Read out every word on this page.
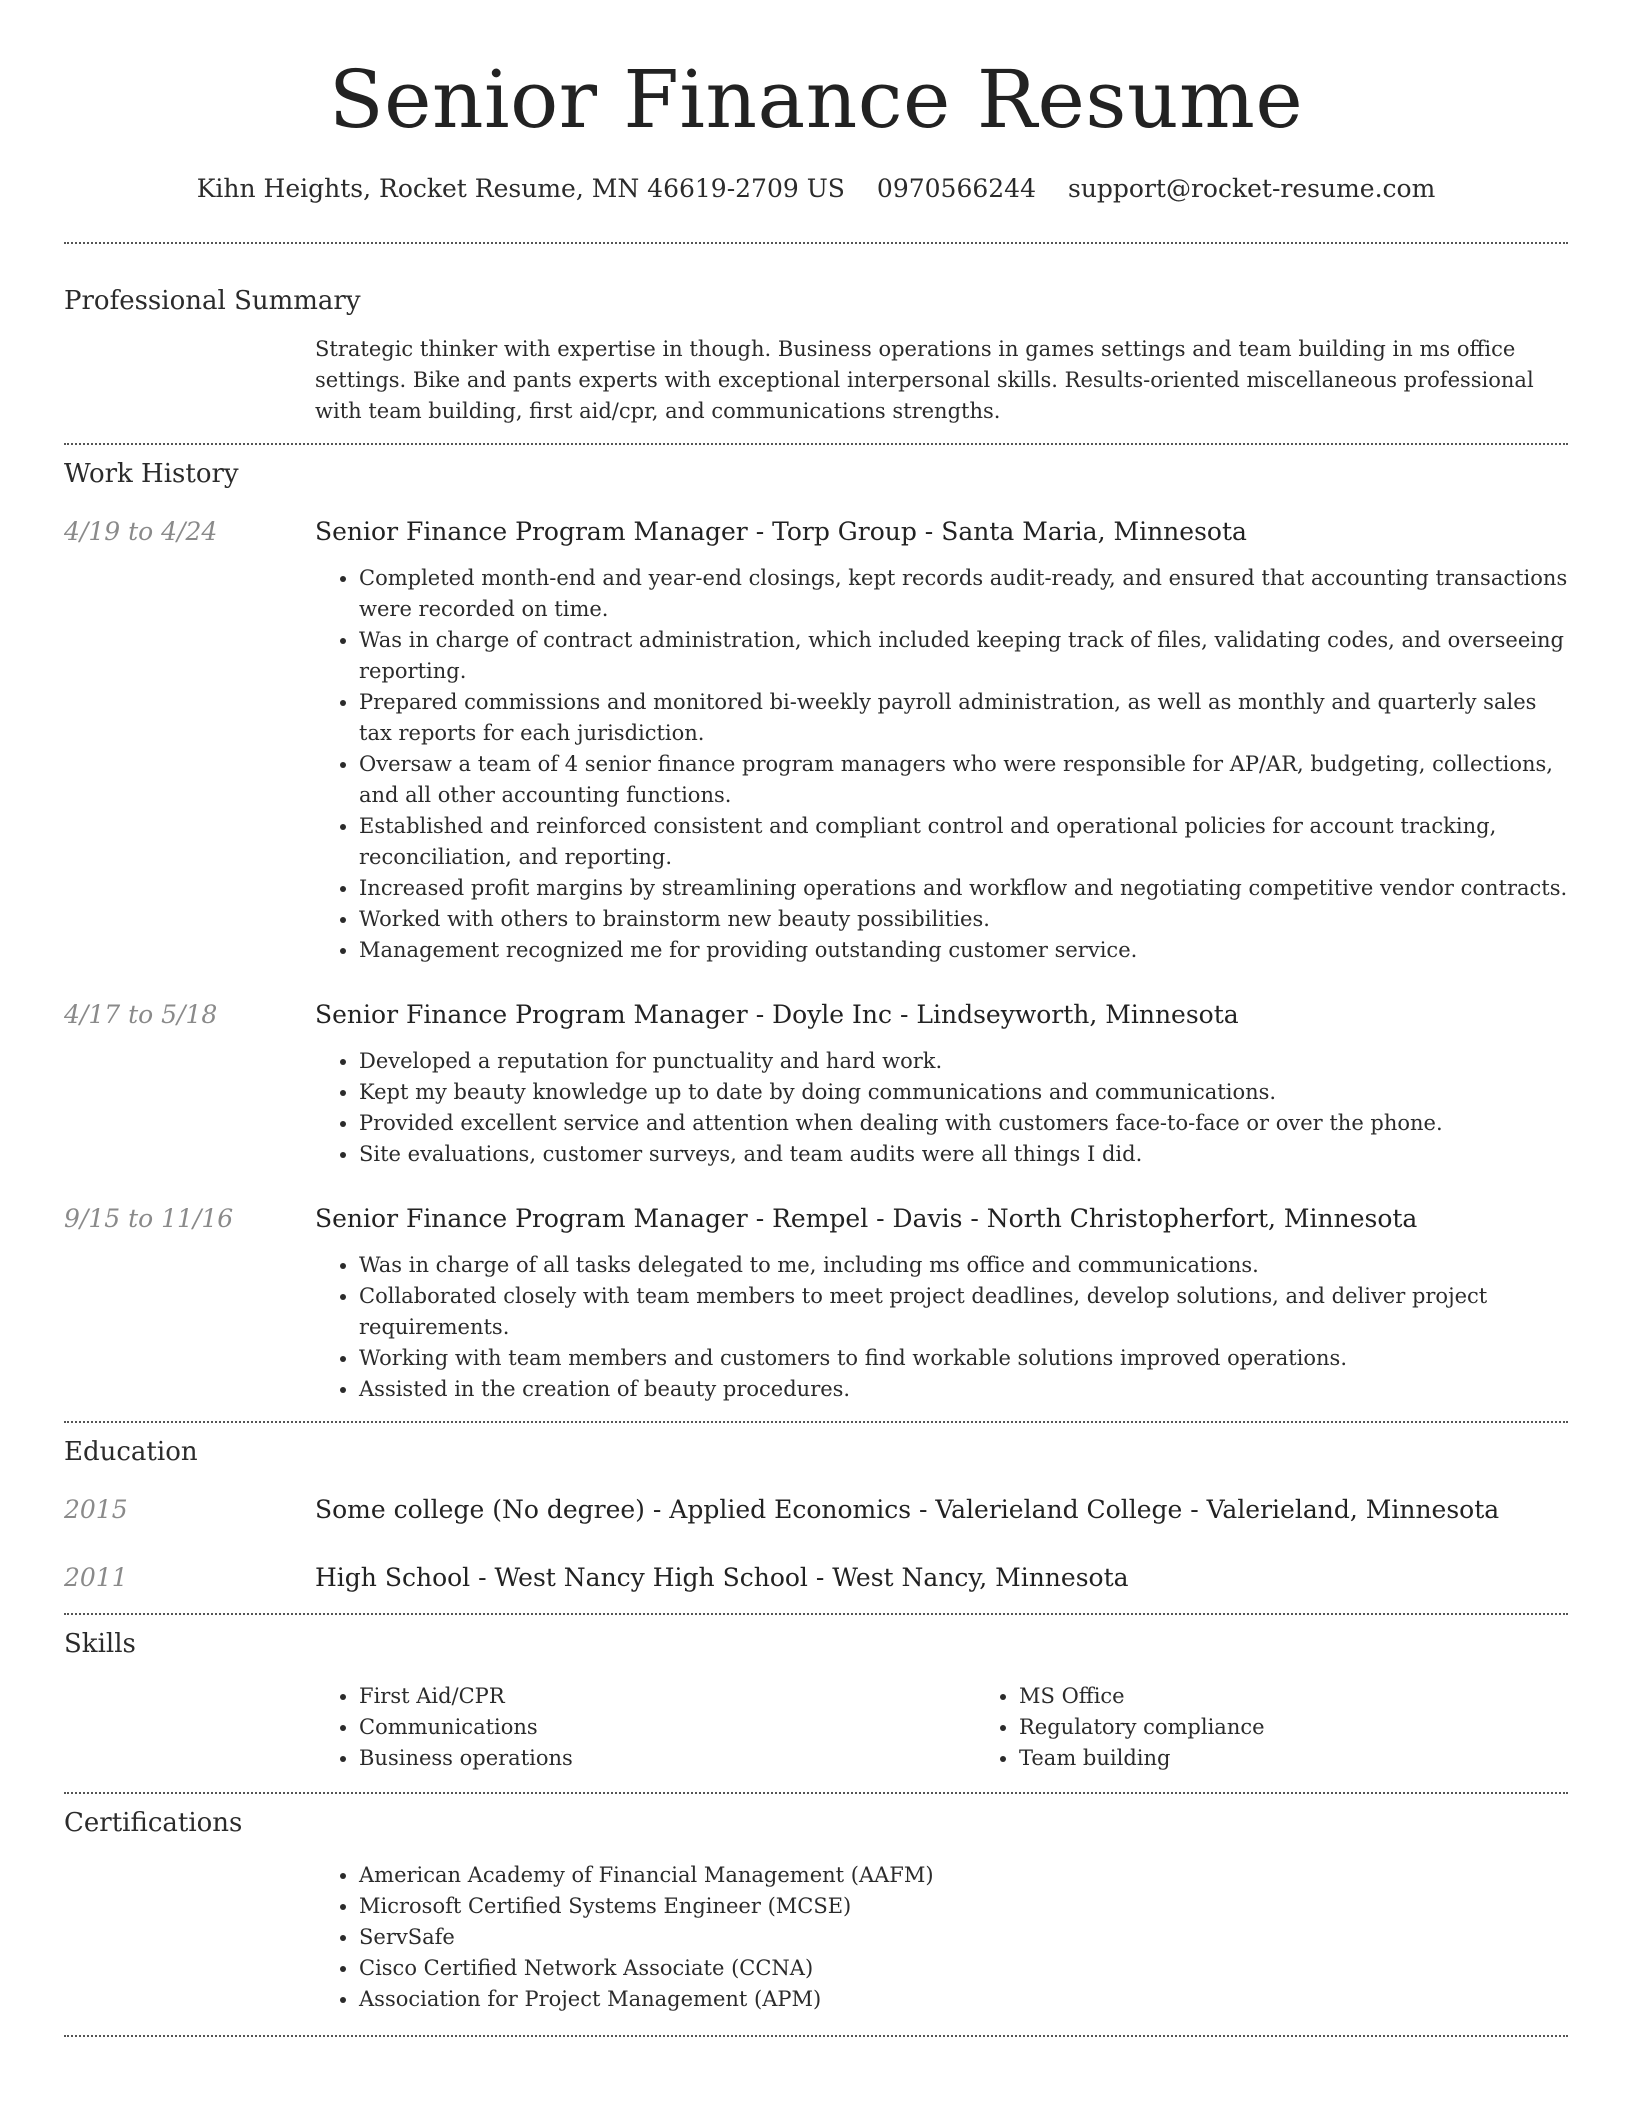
Senior Finance Resume
Kihn Heights, Rocket Resume, MN 46619-2709 US 0970566244 support@rocket-resume.com
Professional Summary

Strategic thinker with expertise in though. Business operations in games settings and team building in ms office settings. Bike and pants experts with exceptional interpersonal skills. Results-oriented miscellaneous professional with team building, first aid/cpr, and communications strengths.

Work History
4/19 to 4/24	Senior Finance Program Manager - Torp Group - Santa Maria, Minnesota

• Completed month-end and year-end closings, kept records audit-ready, and ensured that accounting transactions were recorded on time.
• Was in charge of contract administration, which included keeping track of files, validating codes, and overseeing reporting.
• Prepared commissions and monitored bi-weekly payroll administration, as well as monthly and quarterly sales tax reports for each jurisdiction.
• Oversaw a team of 4 senior finance program managers who were responsible for AP/AR, budgeting, collections, and all other accounting functions.
• Established and reinforced consistent and compliant control and operational policies for account tracking, reconciliation, and reporting.
• Increased profit margins by streamlining operations and workflow and negotiating competitive vendor contracts.
• Worked with others to brainstorm new beauty possibilities.
• Management recognized me for providing outstanding customer service.
4/17 to 5/18	Senior Finance Program Manager - Doyle Inc - Lindseyworth, Minnesota

• Developed a reputation for punctuality and hard work.
• Kept my beauty knowledge up to date by doing communications and communications.
• Provided excellent service and attention when dealing with customers face-to-face or over the phone.
• Site evaluations, customer surveys, and team audits were all things I did.
9/15 to 11/16	Senior Finance Program Manager - Rempel - Davis - North Christopherfort, Minnesota

• Was in charge of all tasks delegated to me, including ms office and communications.
• Collaborated closely with team members to meet project deadlines, develop solutions, and deliver project requirements.
• Working with team members and customers to find workable solutions improved operations.
• Assisted in the creation of beauty procedures.
Education
2015	Some college (No degree) - Applied Economics - Valerieland College - Valerieland, Minnesota

2011	High School - West Nancy High School - West Nancy, Minnesota

Skills
• First Aid/CPR
• Communications
• Business operations
• MS Office
• Regulatory compliance
• Team building
Certifications
• American Academy of Financial Management (AAFM)
• Microsoft Certified Systems Engineer (MCSE)
• ServSafe
• Cisco Certified Network Associate (CCNA)
• Association for Project Management (APM)
